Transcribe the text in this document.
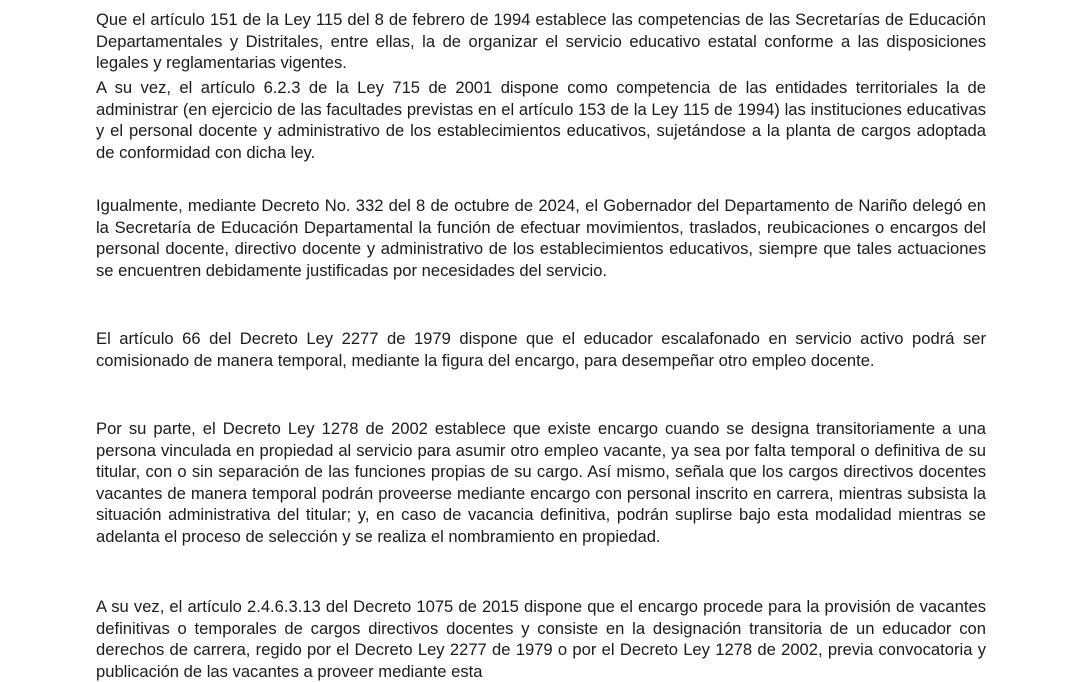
Que el artículo 151 de la Ley 115 del 8 de febrero de 1994 establece las competencias de las Secretarías de Educación Departamentales y Distritales, entre ellas, la de organizar el servicio educativo estatal conforme a las disposiciones legales y reglamentarias vigentes.

A su vez, el artículo 6.2.3 de la Ley 715 de 2001 dispone como competencia de las entidades territoriales la de administrar (en ejercicio de las facultades previstas en el artículo 153 de la Ley 115 de 1994) las instituciones educativas y el personal docente y administrativo de los establecimientos educativos, sujetándose a la planta de cargos adoptada de conformidad con dicha ley.

Igualmente, mediante Decreto No. 332 del 8 de octubre de 2024, el Gobernador del Departamento de Nariño delegó en la Secretaría de Educación Departamental la función de efectuar movimientos, traslados, reubicaciones o encargos del personal docente, directivo docente y administrativo de los establecimientos educativos, siempre que tales actuaciones se encuentren debidamente justificadas por necesidades del servicio.

El artículo 66 del Decreto Ley 2277 de 1979 dispone que el educador escalafonado en servicio activo podrá ser comisionado de manera temporal, mediante la figura del encargo, para desempeñar otro empleo docente.

Por su parte, el Decreto Ley 1278 de 2002 establece que existe encargo cuando se designa transitoriamente a una persona vinculada en propiedad al servicio para asumir otro empleo vacante, ya sea por falta temporal o definitiva de su titular, con o sin separación de las funciones propias de su cargo. Así mismo, señala que los cargos directivos docentes vacantes de manera temporal podrán proveerse mediante encargo con personal inscrito en carrera, mientras subsista la situación administrativa del titular; y, en caso de vacancia definitiva, podrán suplirse bajo esta modalidad mientras se adelanta el proceso de selección y se realiza el nombramiento en propiedad.

A su vez, el artículo 2.4.6.3.13 del Decreto 1075 de 2015 dispone que el encargo procede para la provisión de vacantes definitivas o temporales de cargos directivos docentes y consiste en la designación transitoria de un educador con derechos de carrera, regido por el Decreto Ley 2277 de 1979 o por el Decreto Ley 1278 de 2002, previa convocatoria y publicación de las vacantes a proveer mediante esta
